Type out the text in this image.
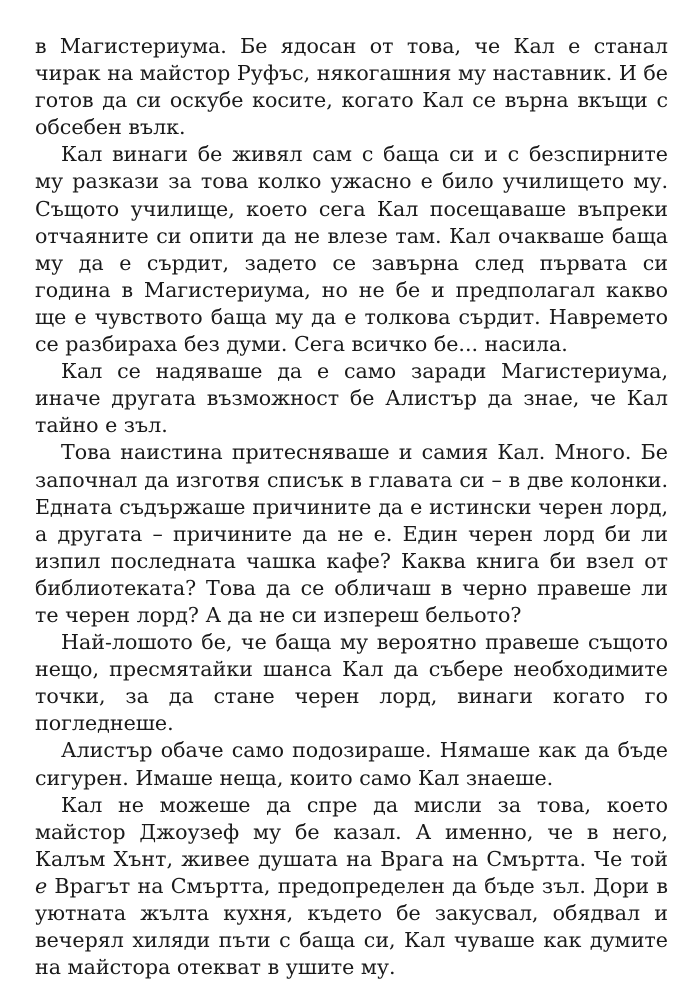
в Магистериума. Бе ядосан от това, че Кал е станал чирак на майстор Руфъс, някогашния му наставник. И бе готов да си оскубе косите, когато Кал се върна вкъщи с обсебен вълк.

Кал винаги бе живял сам с баща си и с безспирните му разкази за това колко ужасно е било училището му. Същото училище, което сега Кал посещаваше въпреки отчаяните си опити да не влезе там. Кал очакваше баща му да е сърдит, задето се завърна след първата си година в Магистериума, но не бе и предполагал какво ще е чувството баща му да е толкова сърдит. Навремето се разбираха без думи. Сега всичко бе... насила.

Кал се надяваше да е само заради Магистериума, иначе другата възможност бе Алистър да знае, че Кал тайно е зъл.

Това наистина притесняваше и самия Кал. Много. Бе започнал да изготвя списък в главата си – в две колонки. Едната съдържаше причините да е истински черен лорд, а другата – причините да не е. Един черен лорд би ли изпил последната чашка кафе? Каква книга би взел от библиотеката? Това да се обличаш в черно правеше ли те черен лорд? А да не си изпереш бельото?

Най-лошото бе, че баща му вероятно правеше същото нещо, пресмятайки шанса Кал да събере необходимите точки, за да стане черен лорд, винаги когато го погледнеше.

Алистър обаче само подозираше. Нямаше как да бъде сигурен. Имаше неща, които само Кал знаеше.

Кал не можеше да спре да мисли за това, което майстор Джоузеф му бе казал. А именно, че в него, Калъм Хънт, живее душата на Врага на Смъртта. Че той е Врагът на Смъртта, предопределен да бъде зъл. Дори в уютната жълта кухня, където бе закусвал, обядвал и вечерял хиляди пъти с баща си, Кал чуваше как думите на майстора отекват в ушите му.
